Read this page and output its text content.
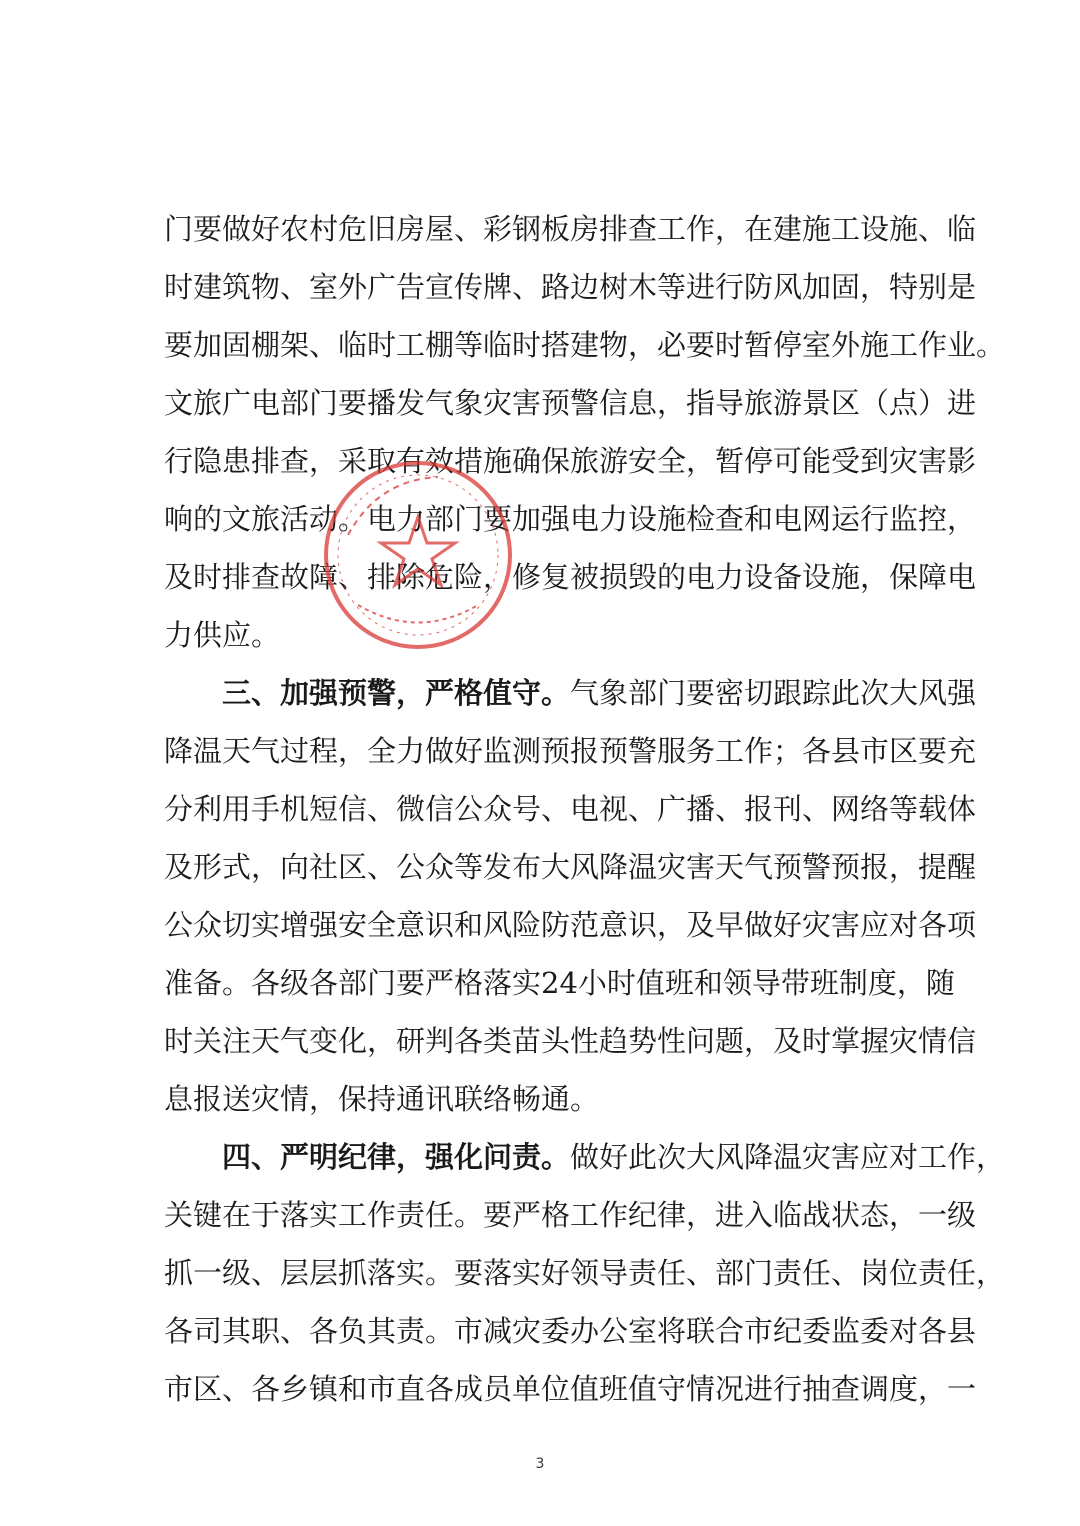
门要做好农村危旧房屋、彩钢板房排查工作，在建施工设施、临
时建筑物、室外广告宣传牌、路边树木等进行防风加固，特别是
要加固棚架、临时工棚等临时搭建物，必要时暂停室外施工作业。
文旅广电部门要播发气象灾害预警信息，指导旅游景区（点）进
行隐患排查，采取有效措施确保旅游安全，暂停可能受到灾害影
响的文旅活动。电力部门要加强电力设施检查和电网运行监控，
及时排查故障、排除危险，修复被损毁的电力设备设施，保障电
力供应。
三、加强预警，严格值守。气象部门要密切跟踪此次大风强
降温天气过程，全力做好监测预报预警服务工作；各县市区要充
分利用手机短信、微信公众号、电视、广播、报刊、网络等载体
及形式，向社区、公众等发布大风降温灾害天气预警预报，提醒
公众切实增强安全意识和风险防范意识，及早做好灾害应对各项
准备。各级各部门要严格落实24小时值班和领导带班制度，随
时关注天气变化，研判各类苗头性趋势性问题，及时掌握灾情信
息报送灾情，保持通讯联络畅通。
四、严明纪律，强化问责。做好此次大风降温灾害应对工作，
关键在于落实工作责任。要严格工作纪律，进入临战状态，一级
抓一级、层层抓落实。要落实好领导责任、部门责任、岗位责任，
各司其职、各负其责。市减灾委办公室将联合市纪委监委对各县
市区、各乡镇和市直各成员单位值班值守情况进行抽查调度，一
3
